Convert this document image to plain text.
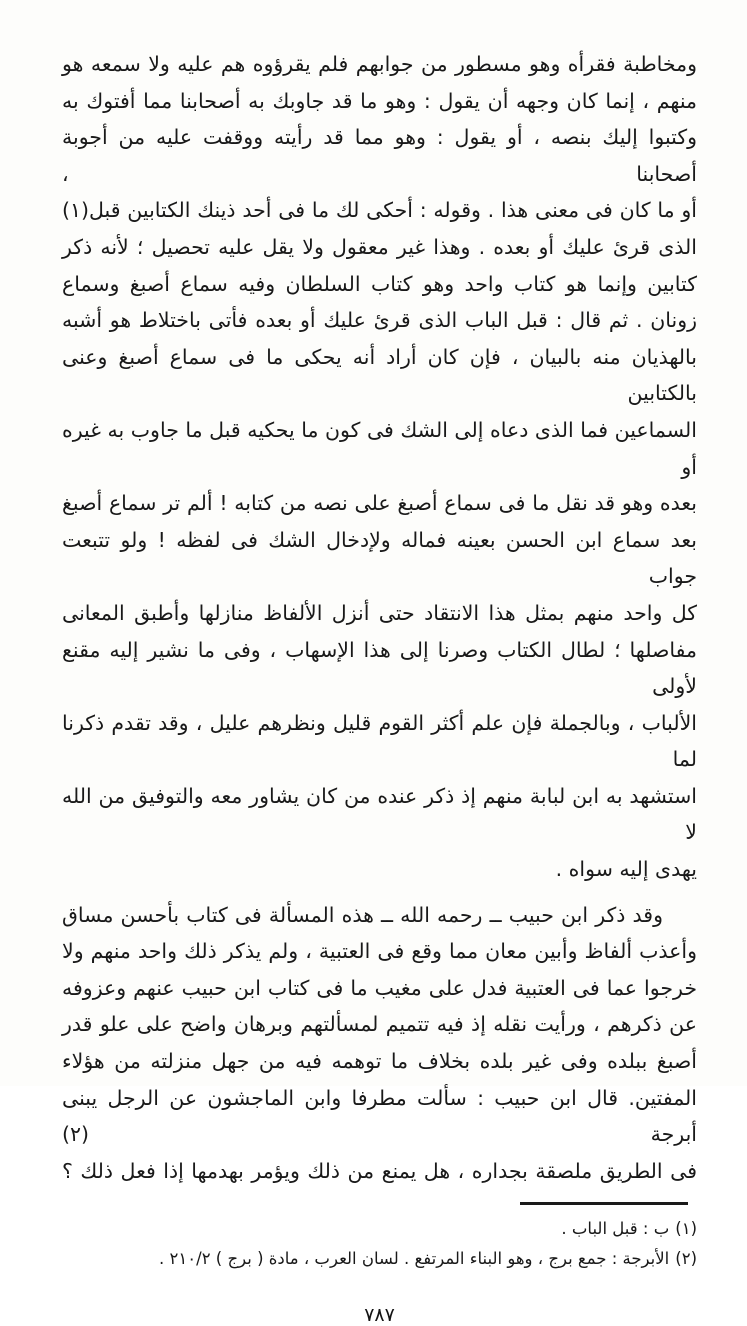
ومخاطبة فقرأه وهو مسطور من جوابهم فلم يقرؤوه هم عليه ولا سمعه هو
منهم ، إنما كان وجهه أن يقول : وهو ما قد جاوبك به أصحابنا مما أفتوك به
وكتبوا إليك بنصه ، أو يقول : وهو مما قد رأيته ووقفت عليه من أجوبة أصحابنا ،
أو ما كان فى معنى هذا . وقوله : أحكى لك ما فى أحد ذينك الكتابين قبل(١)
الذى قرئ عليك أو بعده . وهذا غير معقول ولا يقل عليه تحصيل ؛ لأنه ذكر
كتابين وإنما هو كتاب واحد وهو كتاب السلطان وفيه سماع أصبغ وسماع
زونان . ثم قال : قبل الباب الذى قرئ عليك أو بعده فأتى باختلاط هو أشبه
بالهذيان منه بالبيان ، فإن كان أراد أنه يحكى ما فى سماع أصبغ وعنى بالكتابين
السماعين فما الذى دعاه إلى الشك فى كون ما يحكيه قبل ما جاوب به غيره أو
بعده وهو قد نقل ما فى سماع أصبغ على نصه من كتابه ! ألم تر سماع أصبغ
بعد سماع ابن الحسن بعينه فماله ولإدخال الشك فى لفظه ! ولو تتبعت جواب
كل واحد منهم بمثل هذا الانتقاد حتى أنزل الألفاظ منازلها وأطبق المعانى
مفاصلها ؛ لطال الكتاب وصرنا إلى هذا الإسهاب ، وفى ما نشير إليه مقنع لأولى
الألباب ، وبالجملة فإن علم أكثر القوم قليل ونظرهم عليل ، وقد تقدم ذكرنا لما
استشهد به ابن لبابة منهم إذ ذكر عنده من كان يشاور معه والتوفيق من الله لا
يهدى إليه سواه .
وقد ذكر ابن حبيب ــ رحمه الله ــ هذه المسألة فى كتاب بأحسن مساق
وأعذب ألفاظ وأبين معان مما وقع فى العتبية ، ولم يذكر ذلك واحد منهم ولا
خرجوا عما فى العتبية فدل على مغيب ما فى كتاب ابن حبيب عنهم وعزوفه
عن ذكرهم ، ورأيت نقله إذ فيه تتميم لمسألتهم وبرهان واضح على علو قدر
أصبغ ببلده وفى غير بلده بخلاف ما توهمه فيه من جهل منزلته من هؤلاء
المفتين. قال ابن حبيب : سألت مطرفا وابن الماجشون عن الرجل يبنى أبرجة (٢)
فى الطريق ملصقة بجداره ، هل يمنع من ذلك ويؤمر بهدمها إذا فعل ذلك ؟
(١)ب : قبل الباب .
(٢)الأبرجة : جمع برج ، وهو البناء المرتفع . لسان العرب ، مادة ( برج ) ٢١٠/٢ .
٧٨٧
